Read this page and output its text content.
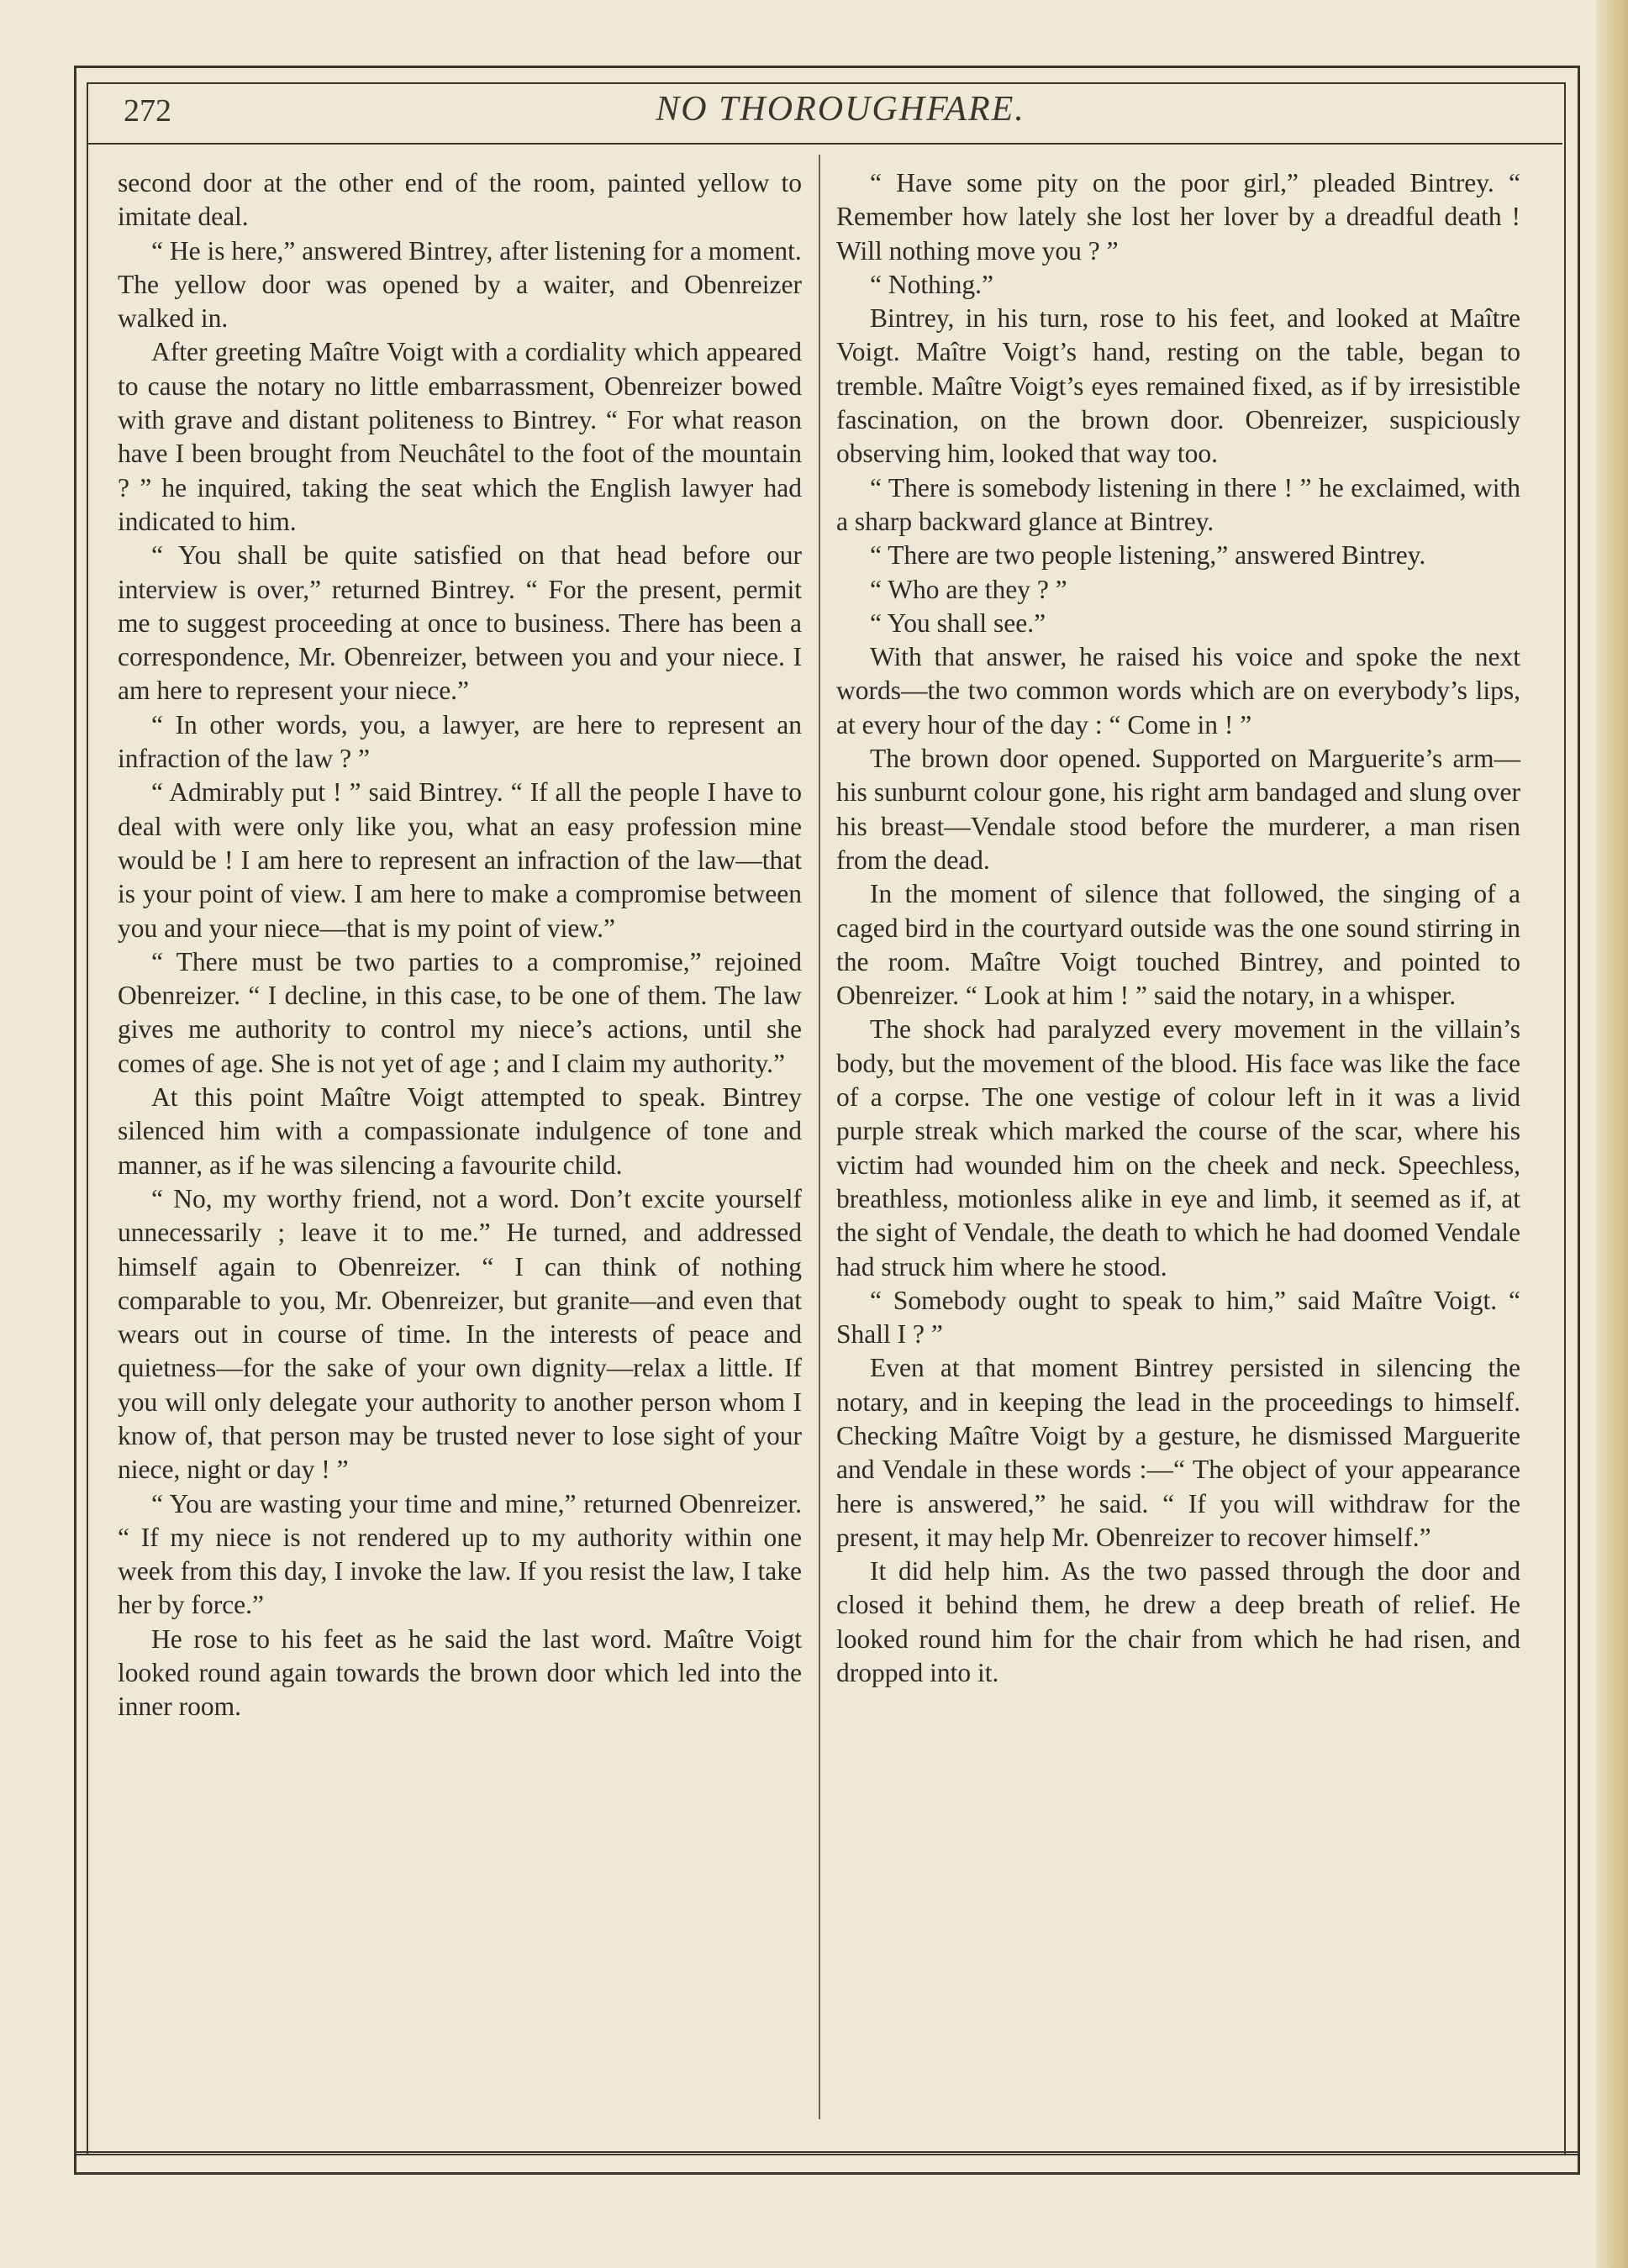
272	NO THOROUGHFARE.

second door at the other end of the room, painted yellow to imitate deal.

“ He is here,” answered Bintrey, after listening for a moment.

The yellow door was opened by a waiter, and Obenreizer walked in.

After greeting Maître Voigt with a cordiality which appeared to cause the notary no little embarrassment, Obenreizer bowed with grave and distant politeness to Bintrey. “ For what reason have I been brought from Neuchâtel to the foot of the mountain ? ” he inquired, taking the seat which the English lawyer had indicated to him.

“ You shall be quite satisfied on that head before our interview is over,” returned Bintrey. “ For the present, permit me to suggest proceeding at once to business. There has been a correspondence, Mr. Obenreizer, between you and your niece. I am here to represent your niece.”

“ In other words, you, a lawyer, are here to represent an infraction of the law ? ”

“ Admirably put ! ” said Bintrey. “ If all the people I have to deal with were only like you, what an easy profession mine would be ! I am here to represent an infraction of the law—that is your point of view. I am here to make a compromise between you and your niece—that is my point of view.”

“ There must be two parties to a compromise,” rejoined Obenreizer. “ I decline, in this case, to be one of them. The law gives me authority to control my niece’s actions, until she comes of age. She is not yet of age ; and I claim my authority.”

At this point Maître Voigt attempted to speak. Bintrey silenced him with a compassionate indulgence of tone and manner, as if he was silencing a favourite child.

“ No, my worthy friend, not a word. Don’t excite yourself unnecessarily ; leave it to me.” He turned, and addressed himself again to Obenreizer. “ I can think of nothing comparable to you, Mr. Obenreizer, but granite—and even that wears out in course of time. In the interests of peace and quietness—for the sake of your own dignity—relax a little. If you will only delegate your authority to another person whom I know of, that person may be trusted never to lose sight of your niece, night or day ! ”

“ You are wasting your time and mine,” returned Obenreizer. “ If my niece is not rendered up to my authority within one week from this day, I invoke the law. If you resist the law, I take her by force.”

He rose to his feet as he said the last word. Maître Voigt looked round again towards the brown door which led into the inner room.

“ Have some pity on the poor girl,” pleaded Bintrey. “ Remember how lately she lost her lover by a dreadful death ! Will nothing move you ? ”

“ Nothing.”

Bintrey, in his turn, rose to his feet, and looked at Maître Voigt. Maître Voigt’s hand, resting on the table, began to tremble. Maître Voigt’s eyes remained fixed, as if by irresistible fascination, on the brown door. Obenreizer, suspiciously observing him, looked that way too.

“ There is somebody listening in there ! ” he exclaimed, with a sharp backward glance at Bintrey.

“ There are two people listening,” answered Bintrey.

“ Who are they ? ”

“ You shall see.”

With that answer, he raised his voice and spoke the next words—the two common words which are on everybody’s lips, at every hour of the day : “ Come in ! ”

The brown door opened. Supported on Marguerite’s arm—his sunburnt colour gone, his right arm bandaged and slung over his breast—Vendale stood before the murderer, a man risen from the dead.

In the moment of silence that followed, the singing of a caged bird in the courtyard outside was the one sound stirring in the room. Maître Voigt touched Bintrey, and pointed to Obenreizer. “ Look at him ! ” said the notary, in a whisper.

The shock had paralyzed every movement in the villain’s body, but the movement of the blood. His face was like the face of a corpse. The one vestige of colour left in it was a livid purple streak which marked the course of the scar, where his victim had wounded him on the cheek and neck. Speechless, breathless, motionless alike in eye and limb, it seemed as if, at the sight of Vendale, the death to which he had doomed Vendale had struck him where he stood.

“ Somebody ought to speak to him,” said Maître Voigt. “ Shall I ? ”

Even at that moment Bintrey persisted in silencing the notary, and in keeping the lead in the proceedings to himself. Checking Maître Voigt by a gesture, he dismissed Marguerite and Vendale in these words :—“ The object of your appearance here is answered,” he said. “ If you will withdraw for the present, it may help Mr. Obenreizer to recover himself.”

It did help him. As the two passed through the door and closed it behind them, he drew a deep breath of relief. He looked round him for the chair from which he had risen, and dropped into it.
